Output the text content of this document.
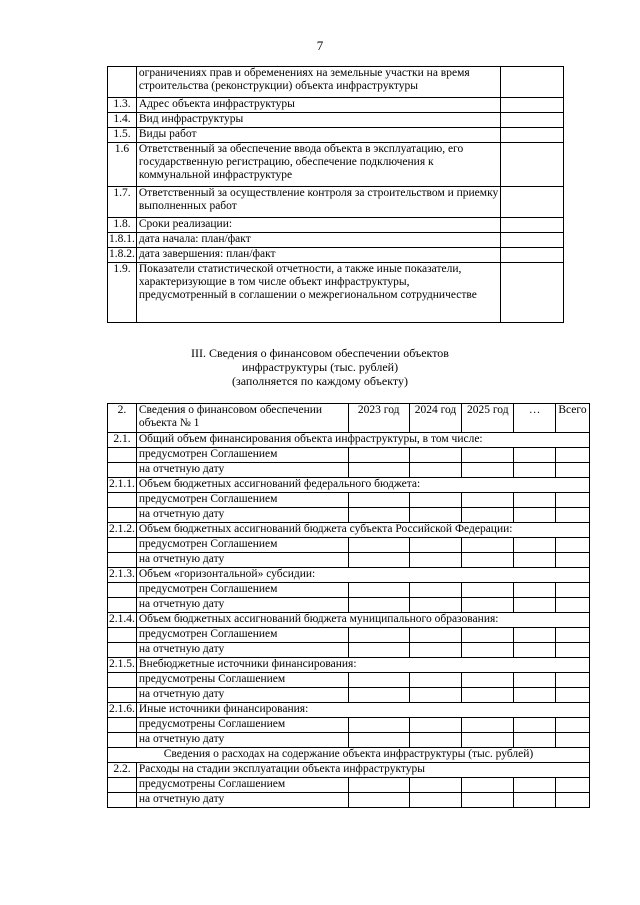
7
	ограничениях прав и обременениях на земельные участки на время строительства (реконструкции) объекта инфраструктуры	
1.3.	Адрес объекта инфраструктуры	
1.4.	Вид инфраструктуры	
1.5.	Виды работ	
1.6	Ответственный за обеспечение ввода объекта в эксплуатацию, его государственную регистрацию, обеспечение подключения к коммунальной инфраструктуре	
1.7.	Ответственный за осуществление контроля за строительством и приемку выполненных работ	
1.8.	Сроки реализации:	
1.8.1.	дата начала: план/факт	
1.8.2.	дата завершения: план/факт	
1.9.	Показатели статистической отчетности, а также иные показатели, характеризующие в том числе объект инфраструктуры, предусмотренный в соглашении о межрегиональном сотрудничестве	
III. Сведения о финансовом обеспечении объектов
инфраструктуры (тыс. рублей)
(заполняется по каждому объекту)
2.	Сведения о финансовом обеспечении объекта № 1	2023 год	2024 год	2025 год	…	Всего
2.1.	Общий объем финансирования объекта инфраструктуры, в том числе:					
	предусмотрен Соглашением					
	на отчетную дату					
2.1.1.	Объем бюджетных ассигнований федерального бюджета:					
	предусмотрен Соглашением					
	на отчетную дату					
2.1.2.	Объем бюджетных ассигнований бюджета субъекта Российской Федерации:					
	предусмотрен Соглашением					
	на отчетную дату					
2.1.3.	Объем «горизонтальной» субсидии:					
	предусмотрен Соглашением					
	на отчетную дату					
2.1.4.	Объем бюджетных ассигнований бюджета муниципального образования:					
	предусмотрен Соглашением					
	на отчетную дату					
2.1.5.	Внебюджетные источники финансирования:					
	предусмотрены Соглашением					
	на отчетную дату					
2.1.6.	Иные источники финансирования:					
	предусмотрены Соглашением					
	на отчетную дату					
Сведения о расходах на содержание объекта инфраструктуры (тыс. рублей)						
2.2.	Расходы на стадии эксплуатации объекта инфраструктуры					
	предусмотрены Соглашением					
	на отчетную дату					
